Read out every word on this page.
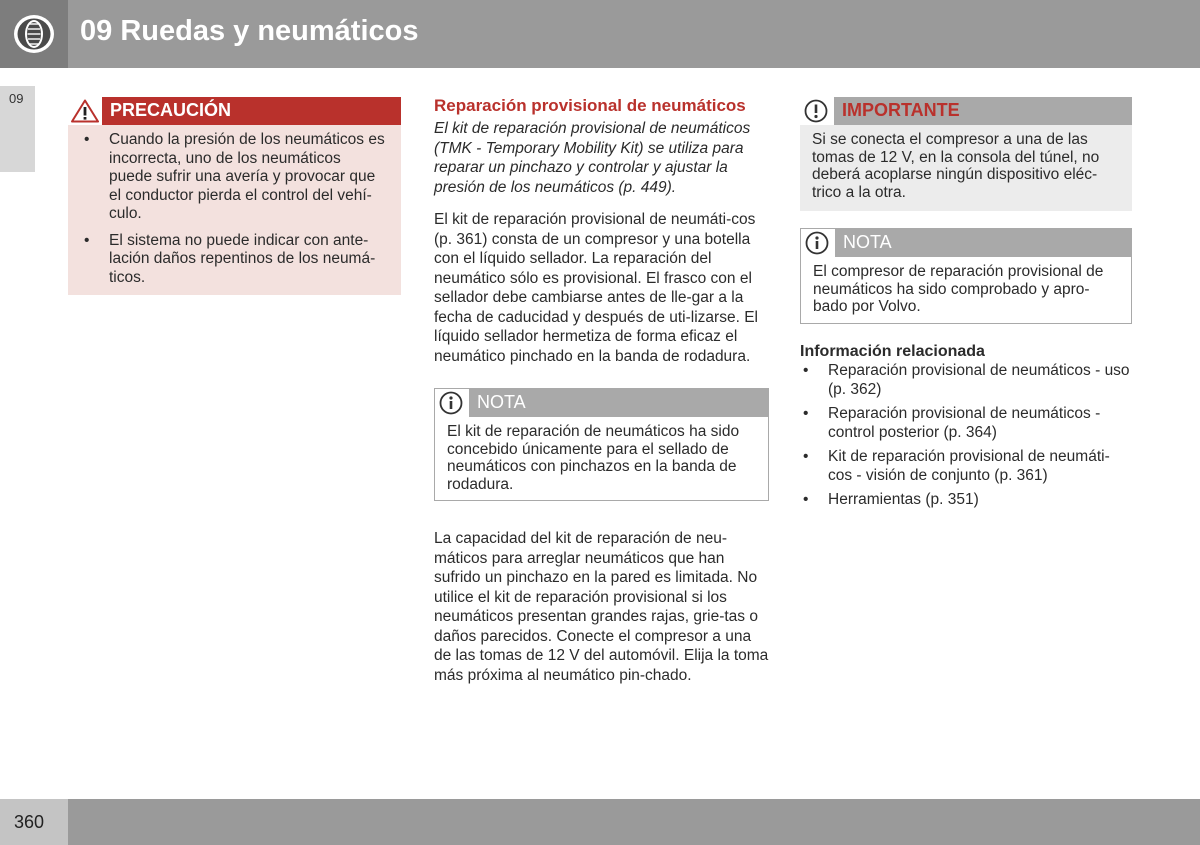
09 Ruedas y neumáticos
09
360
PRECAUCIÓN
• Cuando la presión de los neumáticos es incorrecta, uno de los neumáticos puede sufrir una avería y provocar que el conductor pierda el control del vehí-culo.
• El sistema no puede indicar con ante-lación daños repentinos de los neumá-ticos.
Reparación provisional de neumáticos
El kit de reparación provisional de neumáticos (TMK - Temporary Mobility Kit) se utiliza para reparar un pinchazo y controlar y ajustar la presión de los neumáticos (p. 449).
El kit de reparación provisional de neumáti-cos (p. 361) consta de un compresor y una botella con el líquido sellador. La reparación del neumático sólo es provisional. El frasco con el sellador debe cambiarse antes de lle-gar a la fecha de caducidad y después de uti-lizarse. El líquido sellador hermetiza de forma eficaz el neumático pinchado en la banda de rodadura.
NOTA
El kit de reparación de neumáticos ha sido concebido únicamente para el sellado de neumáticos con pinchazos en la banda de rodadura.
La capacidad del kit de reparación de neu-máticos para arreglar neumáticos que han sufrido un pinchazo en la pared es limitada. No utilice el kit de reparación provisional si los neumáticos presentan grandes rajas, grie-tas o daños parecidos. Conecte el compresor a una de las tomas de 12 V del automóvil. Elija la toma más próxima al neumático pin-chado.
IMPORTANTE
Si se conecta el compresor a una de las tomas de 12 V, en la consola del túnel, no deberá acoplarse ningún dispositivo eléc-trico a la otra.
NOTA
El compresor de reparación provisional de neumáticos ha sido comprobado y apro-bado por Volvo.
Información relacionada
• Reparación provisional de neumáticos - uso (p. 362)
• Reparación provisional de neumáticos - control posterior (p. 364)
• Kit de reparación provisional de neumáti-cos - visión de conjunto (p. 361)
• Herramientas (p. 351)
